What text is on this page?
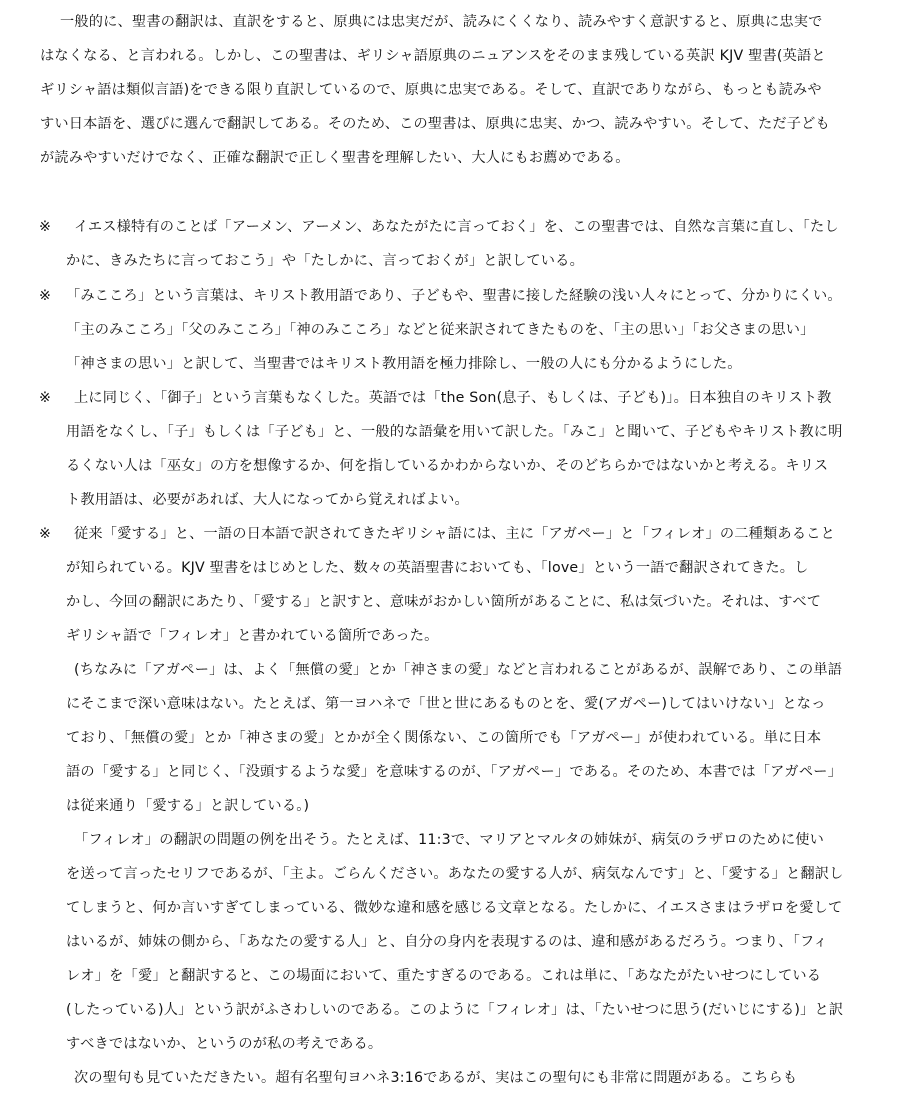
一般的に、聖書の翻訳は、直訳をすると、原典には忠実だが、読みにくくなり、読みやすく意訳すると、原典に忠実で
はなくなる、と言われる。しかし、この聖書は、ギリシャ語原典のニュアンスをそのまま残している英訳 KJV 聖書(英語と
ギリシャ語は類似言語)をできる限り直訳しているので、原典に忠実である。そして、直訳でありながら、もっとも読みや
すい日本語を、選びに選んで翻訳してある。そのため、この聖書は、原典に忠実、かつ、読みやすい。そして、ただ子ども
が読みやすいだけでなく、正確な翻訳で正しく聖書を理解したい、大人にもお薦めである。
※ イエス様特有のことば「アーメン、アーメン、あなたがたに言っておく」を、この聖書では、自然な言葉に直し、「たし
かに、きみたちに言っておこう」や「たしかに、言っておくが」と訳している。
※ 「みこころ」という言葉は、キリスト教用語であり、子どもや、聖書に接した経験の浅い人々にとって、分かりにくい。
「主のみこころ」「父のみこころ」「神のみこころ」などと従来訳されてきたものを、「主の思い」「お父さまの思い」
「神さまの思い」と訳して、当聖書ではキリスト教用語を極力排除し、一般の人にも分かるようにした。
※ 上に同じく、「御子」という言葉もなくした。英語では「the Son(息子、もしくは、子ども)」。日本独自のキリスト教
用語をなくし、「子」もしくは「子ども」と、一般的な語彙を用いて訳した。「みこ」と聞いて、子どもやキリスト教に明
るくない人は「巫女」の方を想像するか、何を指しているかわからないか、そのどちらかではないかと考える。キリス
ト教用語は、必要があれば、大人になってから覚えればよい。
※ 従来「愛する」と、一語の日本語で訳されてきたギリシャ語には、主に「アガペー」と「フィレオ」の二種類あること
が知られている。KJV 聖書をはじめとした、数々の英語聖書においても、「love」という一語で翻訳されてきた。し
かし、今回の翻訳にあたり、「愛する」と訳すと、意味がおかしい箇所があることに、私は気づいた。それは、すべて
ギリシャ語で「フィレオ」と書かれている箇所であった。
(ちなみに「アガペー」は、よく「無償の愛」とか「神さまの愛」などと言われることがあるが、誤解であり、この単語
にそこまで深い意味はない。たとえば、第一ヨハネで「世と世にあるものとを、愛(アガペー)してはいけない」となっ
ており、「無償の愛」とか「神さまの愛」とかが全く関係ない、この箇所でも「アガペー」が使われている。単に日本
語の「愛する」と同じく、「没頭するような愛」を意味するのが、「アガペー」である。そのため、本書では「アガペー」
は従来通り「愛する」と訳している。)
「フィレオ」の翻訳の問題の例を出そう。たとえば、11:3で、マリアとマルタの姉妹が、病気のラザロのために使い
を送って言ったセリフであるが、「主よ。ごらんください。あなたの愛する人が、病気なんです」と、「愛する」と翻訳し
てしまうと、何か言いすぎてしまっている、微妙な違和感を感じる文章となる。たしかに、イエスさまはラザロを愛して
はいるが、姉妹の側から、「あなたの愛する人」と、自分の身内を表現するのは、違和感があるだろう。つまり、「フィ
レオ」を「愛」と翻訳すると、この場面において、重たすぎるのである。これは単に、「あなたがたいせつにしている
(したっている)人」という訳がふさわしいのである。このように「フィレオ」は、「たいせつに思う(だいじにする)」と訳
すべきではないか、というのが私の考えである。
次の聖句も見ていただきたい。超有名聖句ヨハネ3:16であるが、実はこの聖句にも非常に問題がある。こちらも
